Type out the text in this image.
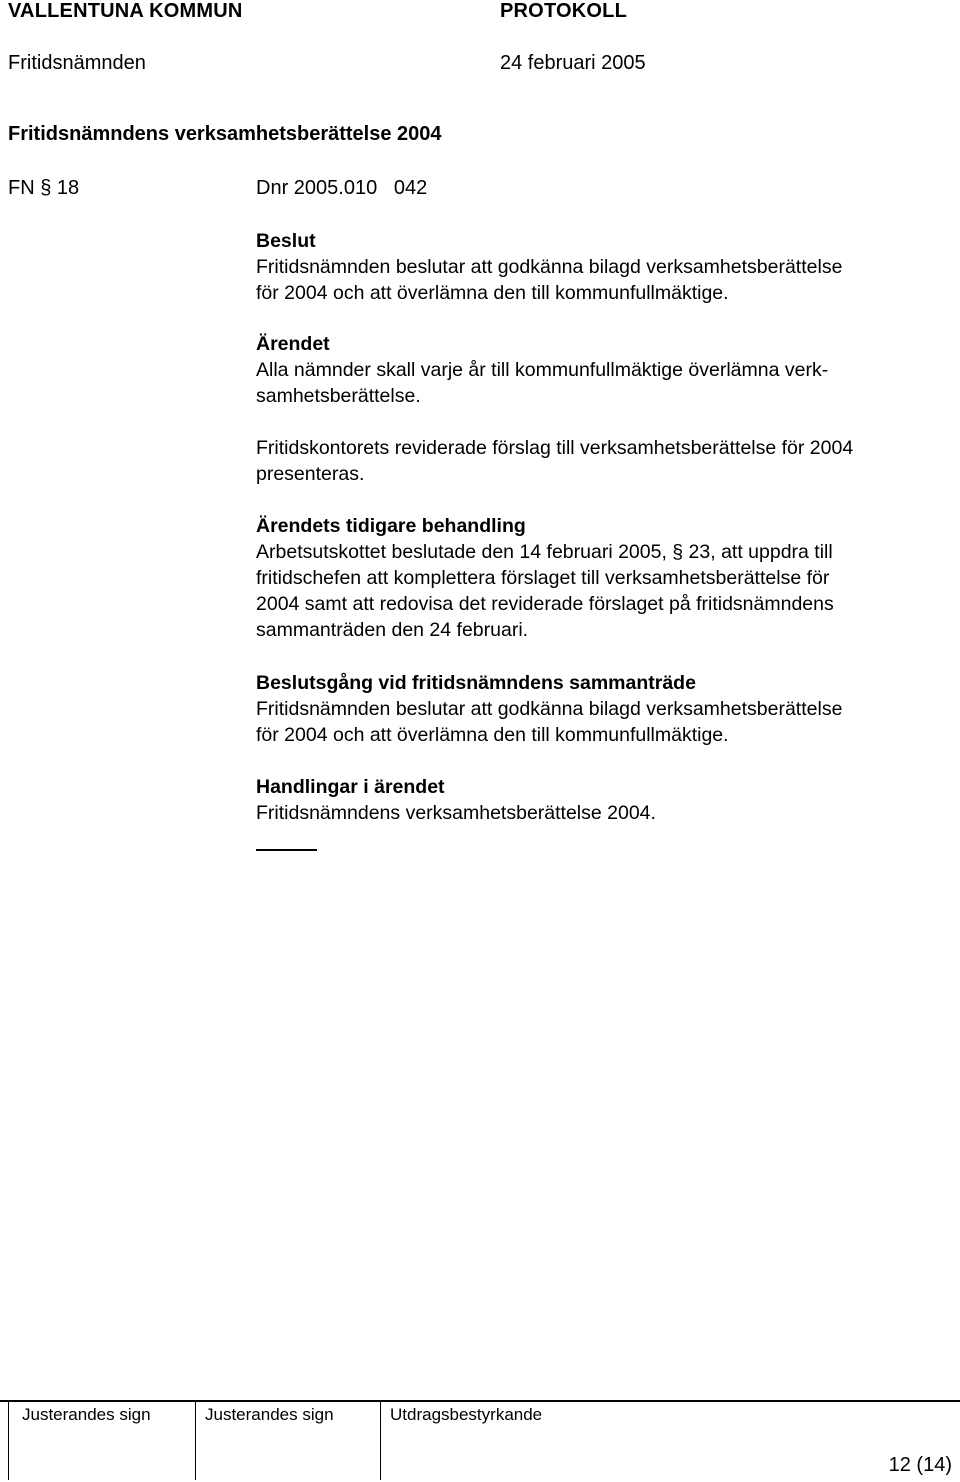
VALLENTUNA KOMMUN	PROTOKOLL
Fritidsnämnden	24 februari 2005
Fritidsnämndens verksamhetsberättelse 2004
FN § 18	Dnr 2005.010   042
Beslut
Fritidsnämnden beslutar att godkänna bilagd verksamhetsberättelse
för 2004 och att överlämna den till kommunfullmäktige.
Ärendet
Alla nämnder skall varje år till kommunfullmäktige överlämna verk-
samhetsberättelse.
Fritidskontorets reviderade förslag till verksamhetsberättelse för 2004
presenteras.
Ärendets tidigare behandling
Arbetsutskottet beslutade den 14 februari 2005, § 23, att uppdra till
fritidschefen att komplettera förslaget till verksamhetsberättelse för
2004 samt att redovisa det reviderade förslaget på fritidsnämndens
sammanträden den 24 februari.
Beslutsgång vid fritidsnämndens sammanträde
Fritidsnämnden beslutar att godkänna bilagd verksamhetsberättelse
för 2004 och att överlämna den till kommunfullmäktige.
Handlingar i ärendet
Fritidsnämndens verksamhetsberättelse 2004.
Justerandes sign	Justerandes sign	Utdragsbestyrkande
12 (14)
